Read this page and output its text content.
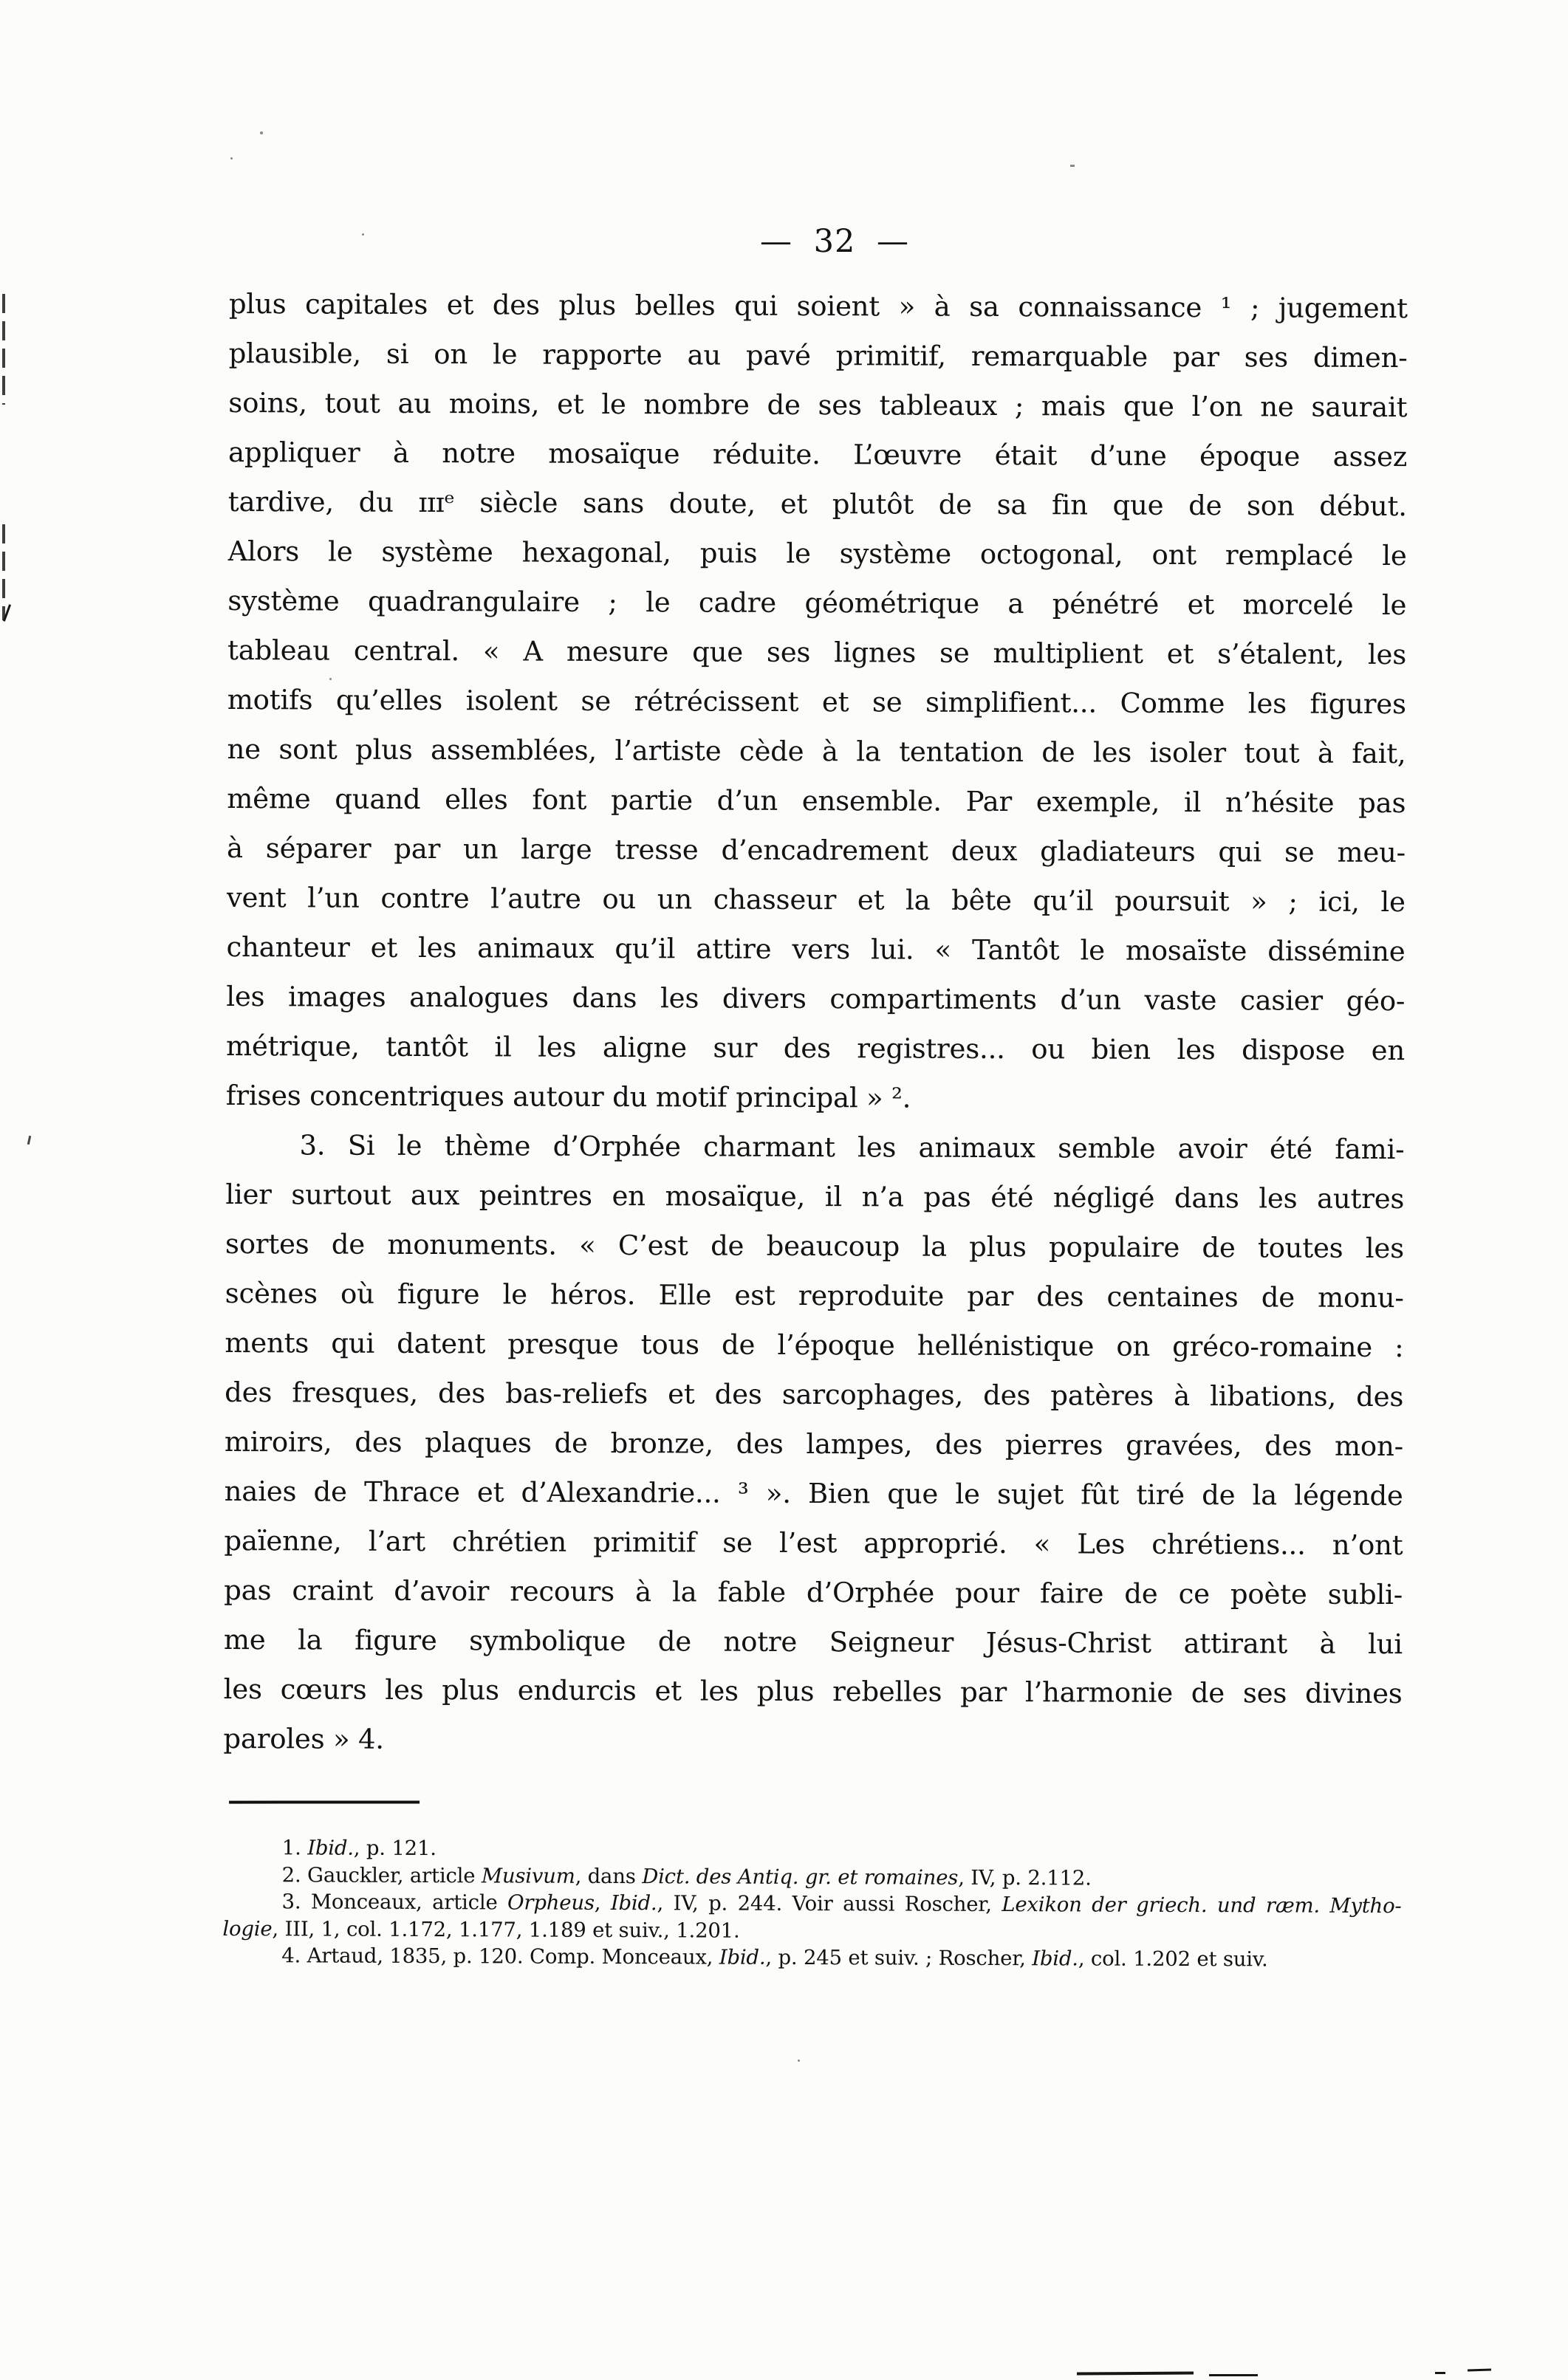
— 32 —
plus capitales et des plus belles qui soient » à sa connaissance ¹ ; jugement
plausible, si on le rapporte au pavé primitif, remarquable par ses dimen-
soins, tout au moins, et le nombre de ses tableaux ; mais que l’on ne saurait
appliquer à notre mosaïque réduite. L’œuvre était d’une époque assez
tardive, du ɪɪɪᵉ siècle sans doute, et plutôt de sa fin que de son début.
Alors le système hexagonal, puis le système octogonal, ont remplacé le
système quadrangulaire ; le cadre géométrique a pénétré et morcelé le
tableau central. « A mesure que ses lignes se multiplient et s’étalent, les
motifs qu’elles isolent se rétrécissent et se simplifient... Comme les figures
ne sont plus assemblées, l’artiste cède à la tentation de les isoler tout à fait,
même quand elles font partie d’un ensemble. Par exemple, il n’hésite pas
à séparer par un large tresse d’encadrement deux gladiateurs qui se meu-
vent l’un contre l’autre ou un chasseur et la bête qu’il poursuit » ; ici, le
chanteur et les animaux qu’il attire vers lui. « Tantôt le mosaïste dissémine
les images analogues dans les divers compartiments d’un vaste casier géo-
métrique, tantôt il les aligne sur des registres... ou bien les dispose en
frises concentriques autour du motif principal » ².
3. Si le thème d’Orphée charmant les animaux semble avoir été fami-
lier surtout aux peintres en mosaïque, il n’a pas été négligé dans les autres
sortes de monuments. « C’est de beaucoup la plus populaire de toutes les
scènes où figure le héros. Elle est reproduite par des centaines de monu-
ments qui datent presque tous de l’époque hellénistique on gréco-romaine :
des fresques, des bas-reliefs et des sarcophages, des patères à libations, des
miroirs, des plaques de bronze, des lampes, des pierres gravées, des mon-
naies de Thrace et d’Alexandrie... ³ ». Bien que le sujet fût tiré de la légende
païenne, l’art chrétien primitif se l’est approprié. « Les chrétiens... n’ont
pas craint d’avoir recours à la fable d’Orphée pour faire de ce poète subli-
me la figure symbolique de notre Seigneur Jésus-Christ attirant à lui
les cœurs les plus endurcis et les plus rebelles par l’harmonie de ses divines
paroles » 4.
1. Ibid., p. 121.
2. Gauckler, article Musivum, dans Dict. des Antiq. gr. et romaines, IV, p. 2.112.
3. Monceaux, article Orpheus, Ibid., IV, p. 244. Voir aussi Roscher, Lexikon der griech. und ræm. Mytho-
logie, III, 1, col. 1.172, 1.177, 1.189 et suiv., 1.201.
4. Artaud, 1835, p. 120. Comp. Monceaux, Ibid., p. 245 et suiv. ; Roscher, Ibid., col. 1.202 et suiv.
